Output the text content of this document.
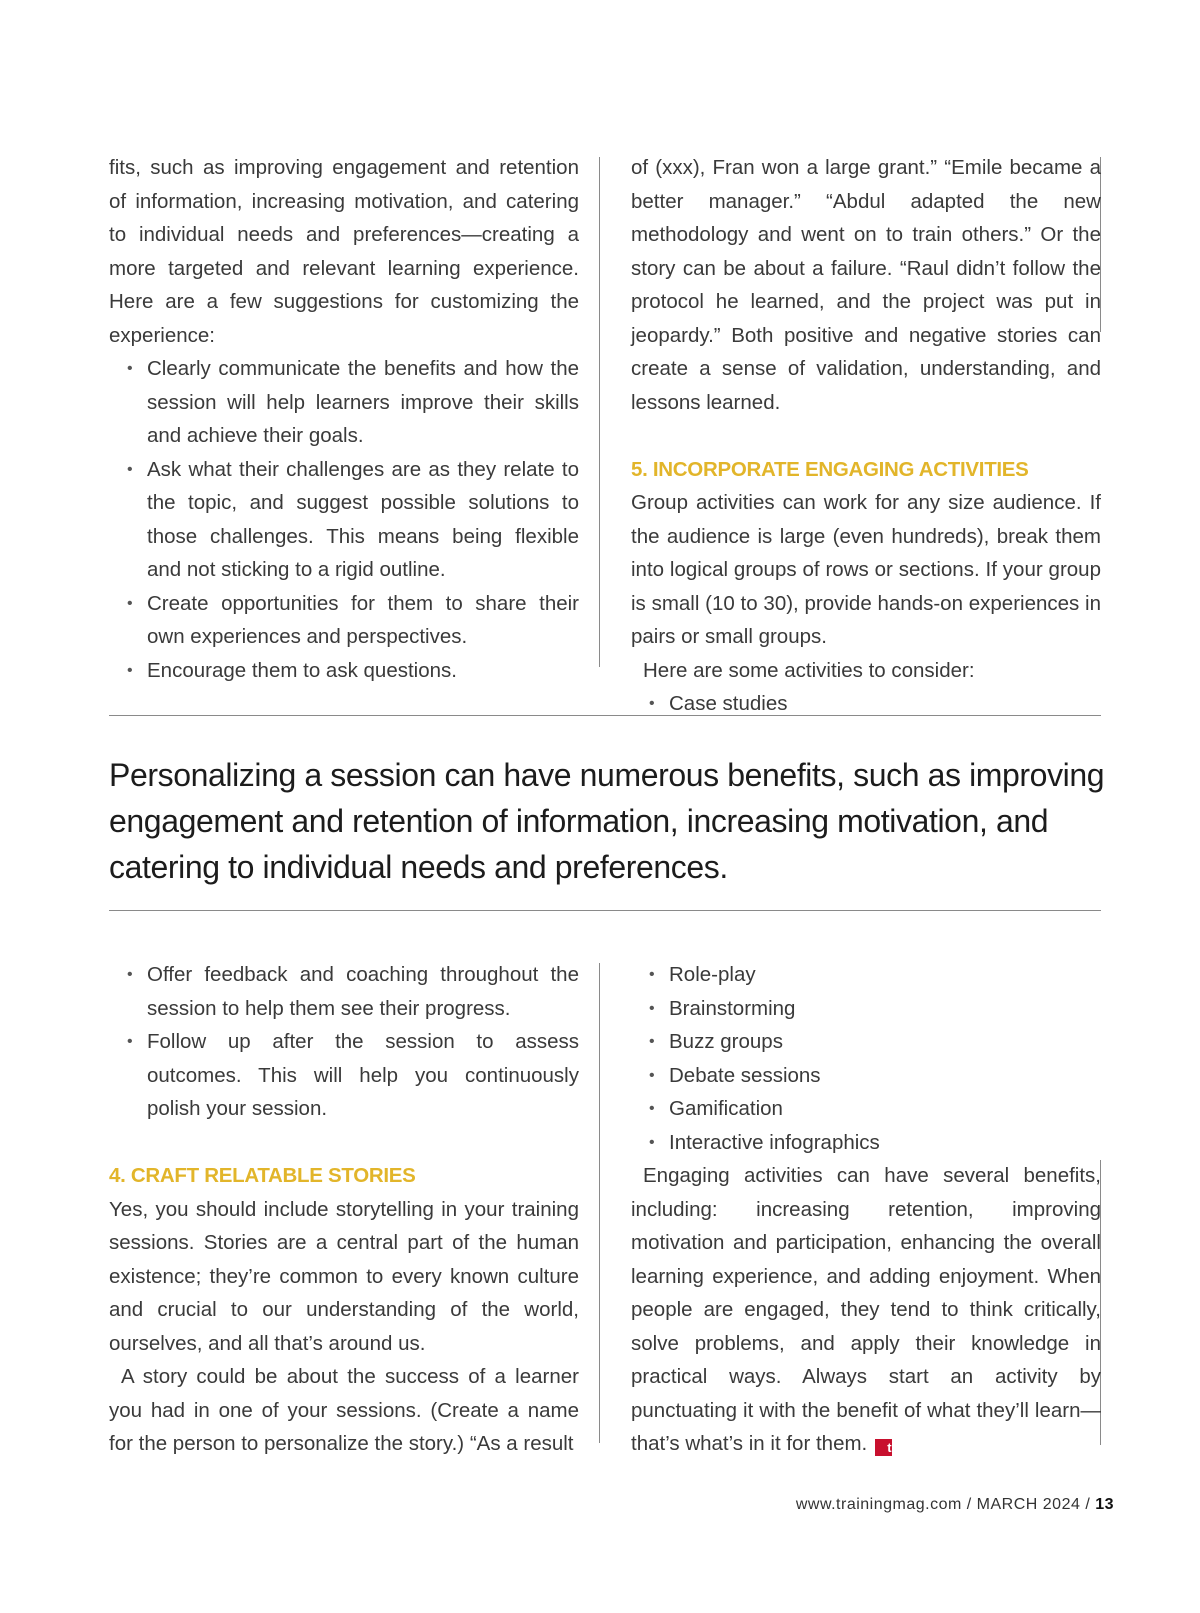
fits, such as improving engagement and retention of information, increasing motivation, and catering to individual needs and preferences—creating a more targeted and relevant learning experience. Here are a few suggestions for customizing the experience:

• Clearly communicate the benefits and how the session will help learners improve their skills and achieve their goals.
• Ask what their challenges are as they relate to the topic, and suggest possible solutions to those challenges. This means being flexible and not sticking to a rigid outline.
• Create opportunities for them to share their own experiences and perspectives.
• Encourage them to ask questions.

of (xxx), Fran won a large grant.” “Emile became a better manager.” “Abdul adapted the new methodology and went on to train others.” Or the story can be about a failure. “Raul didn’t follow the protocol he learned, and the project was put in jeopardy.” Both positive and negative stories can create a sense of validation, understanding, and lessons learned.

5. INCORPORATE ENGAGING ACTIVITIES

Group activities can work for any size audience. If the audience is large (even hundreds), break them into logical groups of rows or sections. If your group is small (10 to 30), provide hands-on experiences in pairs or small groups.

Here are some activities to consider:

• Case studies
Personalizing a session can have numerous benefits, such as improving engagement and retention of information, increasing motivation, and catering to individual needs and preferences.
• Offer feedback and coaching throughout the session to help them see their progress.
• Follow up after the session to assess outcomes. This will help you continuously polish your session.

4. CRAFT RELATABLE STORIES

Yes, you should include storytelling in your training sessions. Stories are a central part of the human existence; they’re common to every known culture and crucial to our understanding of the world, ourselves, and all that’s around us.

A story could be about the success of a learner you had in one of your sessions. (Create a name for the person to personalize the story.) “As a result

• Role-play
• Brainstorming
• Buzz groups
• Debate sessions
• Gamification
• Interactive infographics

Engaging activities can have several benefits, including: increasing retention, improving motivation and participation, enhancing the overall learning experience, and adding enjoyment. When people are engaged, they tend to think critically, solve problems, and apply their knowledge in practical ways. Always start an activity by punctuating it with the benefit of what they’ll learn—that’s what’s in it for them. t

www.trainingmag.com / MARCH 2024 / 13
